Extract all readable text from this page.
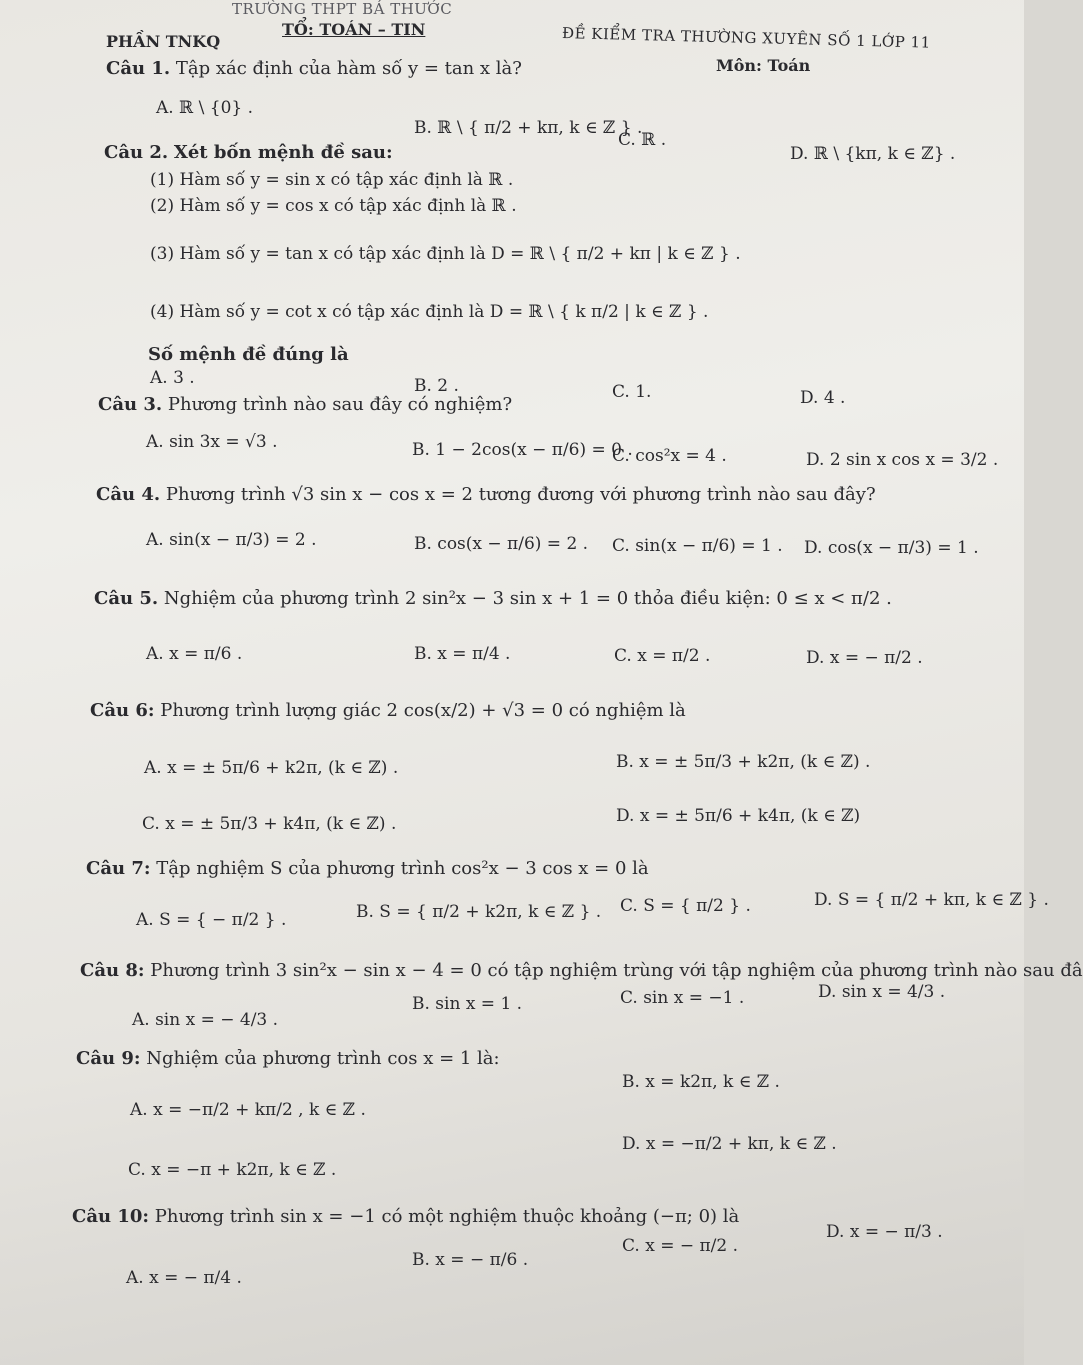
TRƯỜNG THPT BÁ THƯỚC
TỔ: TOÁN – TIN
PHẦN TNKQ	ĐỀ KIỂM TRA THƯỜNG XUYÊN SỐ 1 LỚP 11
Môn: Toán
Câu 1. Tập xác định của hàm số y = tan x là?
A. ℝ \ {0} .
B. ℝ \ { π/2 + kπ, k ∈ ℤ } .
C. ℝ .
D. ℝ \ {kπ, k ∈ ℤ} .
Câu 2. Xét bốn mệnh đề sau:
(1) Hàm số y = sin x có tập xác định là ℝ .
(2) Hàm số y = cos x có tập xác định là ℝ .
(3) Hàm số y = tan x có tập xác định là D = ℝ \ { π/2 + kπ | k ∈ ℤ } .
(4) Hàm số y = cot x có tập xác định là D = ℝ \ { k π/2 | k ∈ ℤ } .
Số mệnh đề đúng là
A. 3 .	B. 2 .	C. 1.	D. 4 .
Câu 3. Phương trình nào sau đây có nghiệm?
A. sin 3x = √3 .	B. 1 − 2cos(x − π/6) = 0 .
C. cos²x = 4 .	D. 2 sin x cos x = 3/2 .
Câu 4. Phương trình √3 sin x − cos x = 2 tương đương với phương trình nào sau đây?
A. sin(x − π/3) = 2 .	B. cos(x − π/6) = 2 . C. sin(x − π/6) = 1 . D. cos(x − π/3) = 1 .
Câu 5. Nghiệm của phương trình 2 sin²x − 3 sin x + 1 = 0 thỏa điều kiện: 0 ≤ x < π/2 .
A. x = π/6 .	B. x = π/4 .	C. x = π/2 .	D. x = − π/2 .
Câu 6: Phương trình lượng giác 2 cos(x/2) + √3 = 0 có nghiệm là
A. x = ± 5π/6 + k2π, (k ∈ ℤ) .	B. x = ± 5π/3 + k2π, (k ∈ ℤ) .
C. x = ± 5π/3 + k4π, (k ∈ ℤ) .	D. x = ± 5π/6 + k4π, (k ∈ ℤ)
Câu 7: Tập nghiệm S của phương trình cos²x − 3 cos x = 0 là
A. S = { − π/2 } .	B. S = { π/2 + k2π, k ∈ ℤ } . C. S = { π/2 } .	D. S = { π/2 + kπ, k ∈ ℤ } .
Câu 8: Phương trình 3 sin²x − sin x − 4 = 0 có tập nghiệm trùng với tập nghiệm của phương trình nào sau đâ
A. sin x = − 4/3 .
B. sin x = 1 .	C. sin x = −1 .	D. sin x = 4/3 .
Câu 9: Nghiệm của phương trình cos x = 1 là:
A. x = −π/2 + kπ/2 , k ∈ ℤ .
B. x = k2π, k ∈ ℤ .
C. x = −π + k2π, k ∈ ℤ .
D. x = −π/2 + kπ, k ∈ ℤ .
Câu 10: Phương trình sin x = −1 có một nghiệm thuộc khoảng (−π; 0) là
A. x = − π/4 .
B. x = − π/6 .
C. x = − π/2 .
D. x = − π/3 .
